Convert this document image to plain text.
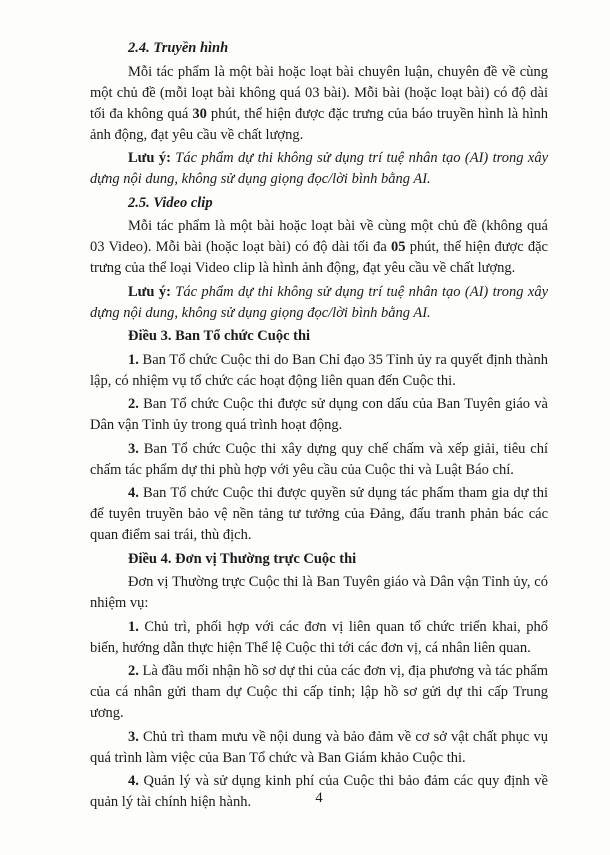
2.4. Truyền hình

Mỗi tác phẩm là một bài hoặc loạt bài chuyên luận, chuyên đề về cùng một chủ đề (mỗi loạt bài không quá 03 bài). Mỗi bài (hoặc loạt bài) có độ dài tối đa không quá 30 phút, thể hiện được đặc trưng của báo truyền hình là hình ảnh động, đạt yêu cầu về chất lượng.

Lưu ý: Tác phẩm dự thi không sử dụng trí tuệ nhân tạo (AI) trong xây dựng nội dung, không sử dụng giọng đọc/lời bình bằng AI.

2.5. Video clip

Mỗi tác phẩm là một bài hoặc loạt bài về cùng một chủ đề (không quá 03 Video). Mỗi bài (hoặc loạt bài) có độ dài tối đa 05 phút, thể hiện được đặc trưng của thể loại Video clip là hình ảnh động, đạt yêu cầu về chất lượng.

Lưu ý: Tác phẩm dự thi không sử dụng trí tuệ nhân tạo (AI) trong xây dựng nội dung, không sử dụng giọng đọc/lời bình bằng AI.

Điều 3. Ban Tổ chức Cuộc thi

1. Ban Tổ chức Cuộc thi do Ban Chỉ đạo 35 Tỉnh ủy ra quyết định thành lập, có nhiệm vụ tổ chức các hoạt động liên quan đến Cuộc thi.

2. Ban Tổ chức Cuộc thi được sử dụng con dấu của Ban Tuyên giáo và Dân vận Tỉnh ủy trong quá trình hoạt động.

3. Ban Tổ chức Cuộc thi xây dựng quy chế chấm và xếp giải, tiêu chí chấm tác phẩm dự thi phù hợp với yêu cầu của Cuộc thi và Luật Báo chí.

4. Ban Tổ chức Cuộc thi được quyền sử dụng tác phẩm tham gia dự thi để tuyên truyền bảo vệ nền tảng tư tưởng của Đảng, đấu tranh phản bác các quan điểm sai trái, thù địch.

Điều 4. Đơn vị Thường trực Cuộc thi

Đơn vị Thường trực Cuộc thi là Ban Tuyên giáo và Dân vận Tỉnh ủy, có nhiệm vụ:

1. Chủ trì, phối hợp với các đơn vị liên quan tổ chức triển khai, phổ biến, hướng dẫn thực hiện Thể lệ Cuộc thi tới các đơn vị, cá nhân liên quan.

2. Là đầu mối nhận hồ sơ dự thi của các đơn vị, địa phương và tác phẩm của cá nhân gửi tham dự Cuộc thi cấp tỉnh; lập hồ sơ gửi dự thi cấp Trung ương.

3. Chủ trì tham mưu về nội dung và bảo đảm về cơ sở vật chất phục vụ quá trình làm việc của Ban Tổ chức và Ban Giám khảo Cuộc thi.

4. Quản lý và sử dụng kinh phí của Cuộc thi bảo đảm các quy định về quản lý tài chính hiện hành.	4
